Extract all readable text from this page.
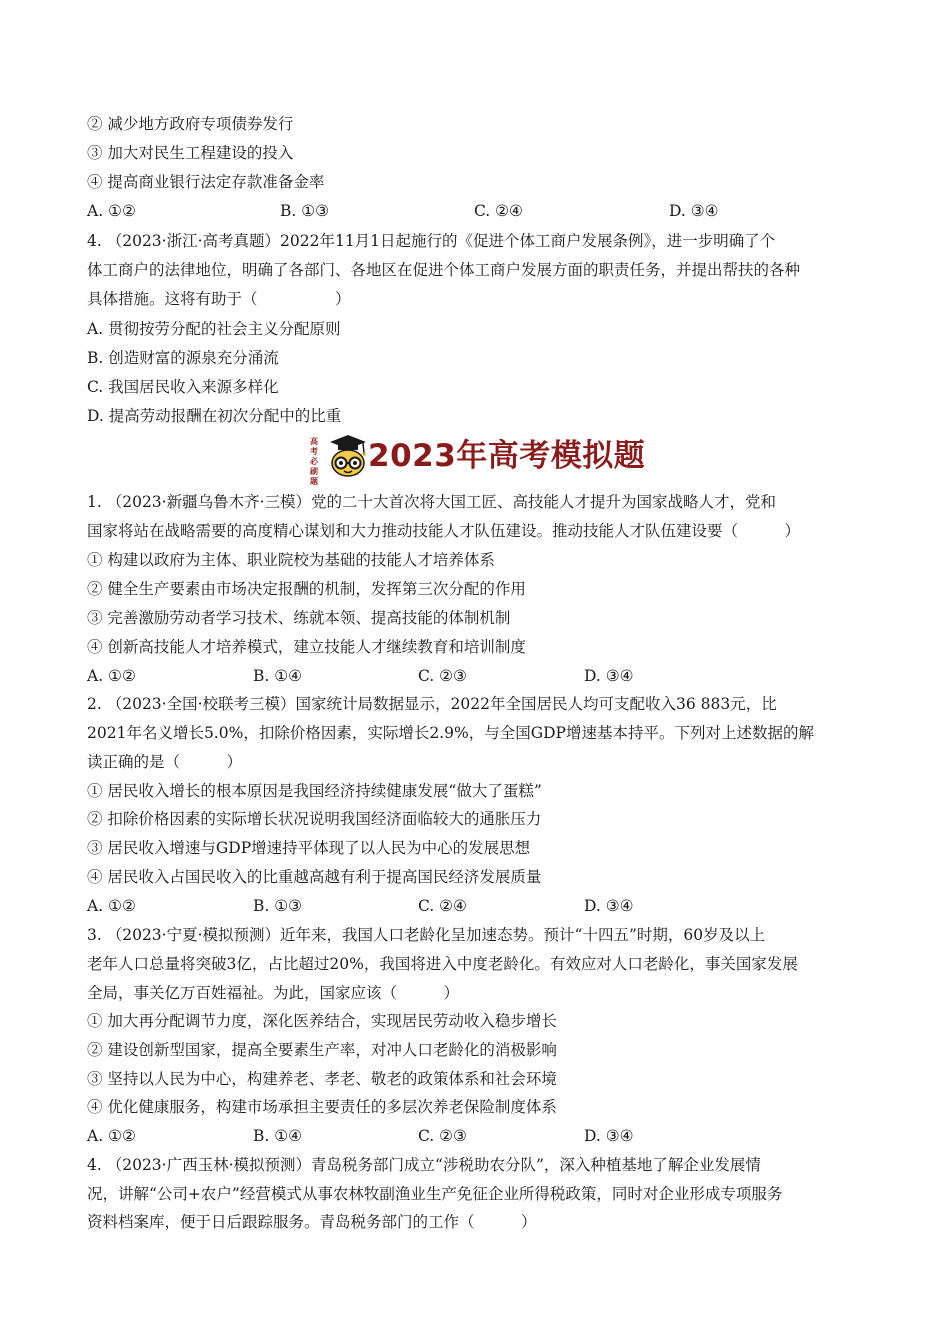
② 减少地方政府专项债券发行
③ 加大对民生工程建设的投入
④ 提高商业银行法定存款准备金率
A. ①②	B. ①③	C. ②④	D. ③④
4. （2023·浙江·高考真题）2022年11月1日起施行的《促进个体工商户发展条例》，进一步明确了个
体工商户的法律地位，明确了各部门、各地区在促进个体工商户发展方面的职责任务，并提出帮扶的各种
具体措施。这将有助于（　　　　　）
A. 贯彻按劳分配的社会主义分配原则
B. 创造财富的源泉充分涌流
C. 我国居民收入来源多样化
D. 提高劳动报酬在初次分配中的比重
高考必刷题
2023年高考模拟题
1. （2023·新疆乌鲁木齐·三模）党的二十大首次将大国工匠、高技能人才提升为国家战略人才，党和
国家将站在战略需要的高度精心谋划和大力推动技能人才队伍建设。推动技能人才队伍建设要（　　　）
① 构建以政府为主体、职业院校为基础的技能人才培养体系
② 健全生产要素由市场决定报酬的机制，发挥第三次分配的作用
③ 完善激励劳动者学习技术、练就本领、提高技能的体制机制
④ 创新高技能人才培养模式，建立技能人才继续教育和培训制度
A. ①②	B. ①④	C. ②③	D. ③④
2. （2023·全国·校联考三模）国家统计局数据显示，2022年全国居民人均可支配收入36 883元，比
2021年名义增长5.0%，扣除价格因素，实际增长2.9%，与全国GDP增速基本持平。下列对上述数据的解
读正确的是（　　　）
① 居民收入增长的根本原因是我国经济持续健康发展“做大了蛋糕”
② 扣除价格因素的实际增长状况说明我国经济面临较大的通胀压力
③ 居民收入增速与GDP增速持平体现了以人民为中心的发展思想
④ 居民收入占国民收入的比重越高越有利于提高国民经济发展质量
A. ①②	B. ①③	C. ②④	D. ③④
3. （2023·宁夏·模拟预测）近年来，我国人口老龄化呈加速态势。预计“十四五”时期，60岁及以上
老年人口总量将突破3亿，占比超过20%，我国将进入中度老龄化。有效应对人口老龄化，事关国家发展
全局，事关亿万百姓福祉。为此，国家应该（　　　）
① 加大再分配调节力度，深化医养结合，实现居民劳动收入稳步增长
② 建设创新型国家，提高全要素生产率，对冲人口老龄化的消极影响
③ 坚持以人民为中心，构建养老、孝老、敬老的政策体系和社会环境
④ 优化健康服务，构建市场承担主要责任的多层次养老保险制度体系
A. ①②	B. ①④	C. ②③	D. ③④
4. （2023·广西玉林·模拟预测）青岛税务部门成立“涉税助农分队”，深入种植基地了解企业发展情
况，讲解“公司+农户”经营模式从事农林牧副渔业生产免征企业所得税政策，同时对企业形成专项服务
资料档案库，便于日后跟踪服务。青岛税务部门的工作（　　　）
